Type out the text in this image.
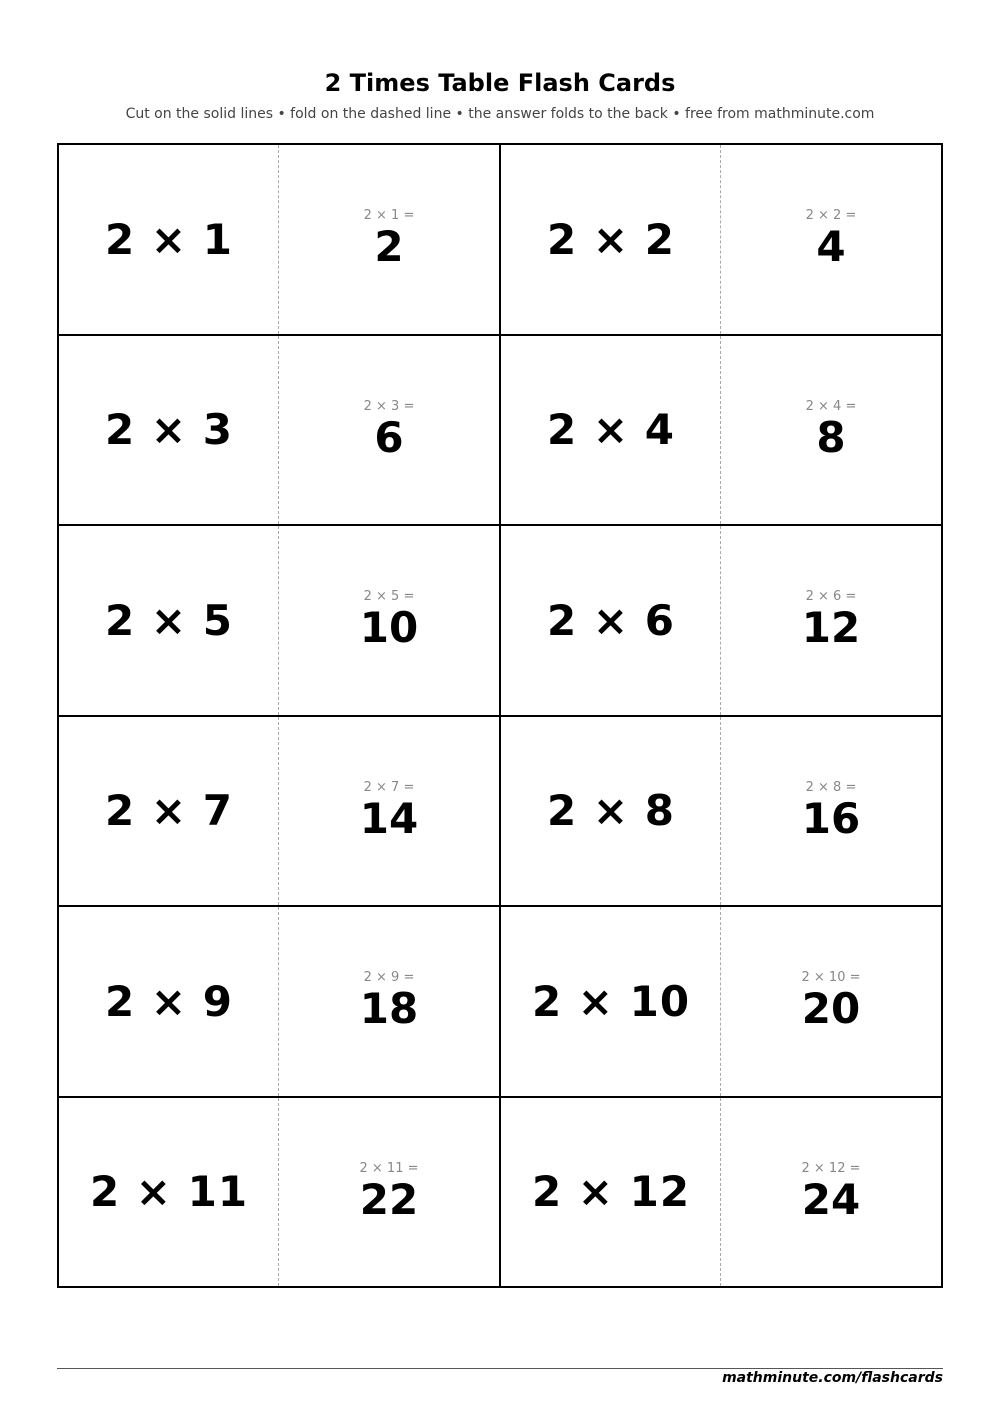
2 Times Table Flash Cards
Cut on the solid lines • fold on the dashed line • the answer folds to the back • free from mathminute.com
2 × 1	2 × 1 =
2	2 × 2	2 × 2 =
4
2 × 3	2 × 3 =
6	2 × 4	2 × 4 =
8
2 × 5	2 × 5 =
10	2 × 6	2 × 6 =
12
2 × 7	2 × 7 =
14	2 × 8	2 × 8 =
16
2 × 9	2 × 9 =
18	2 × 10	2 × 10 =
20
2 × 11	2 × 11 =
22	2 × 12	2 × 12 =
24
mathminute.com/flashcards
